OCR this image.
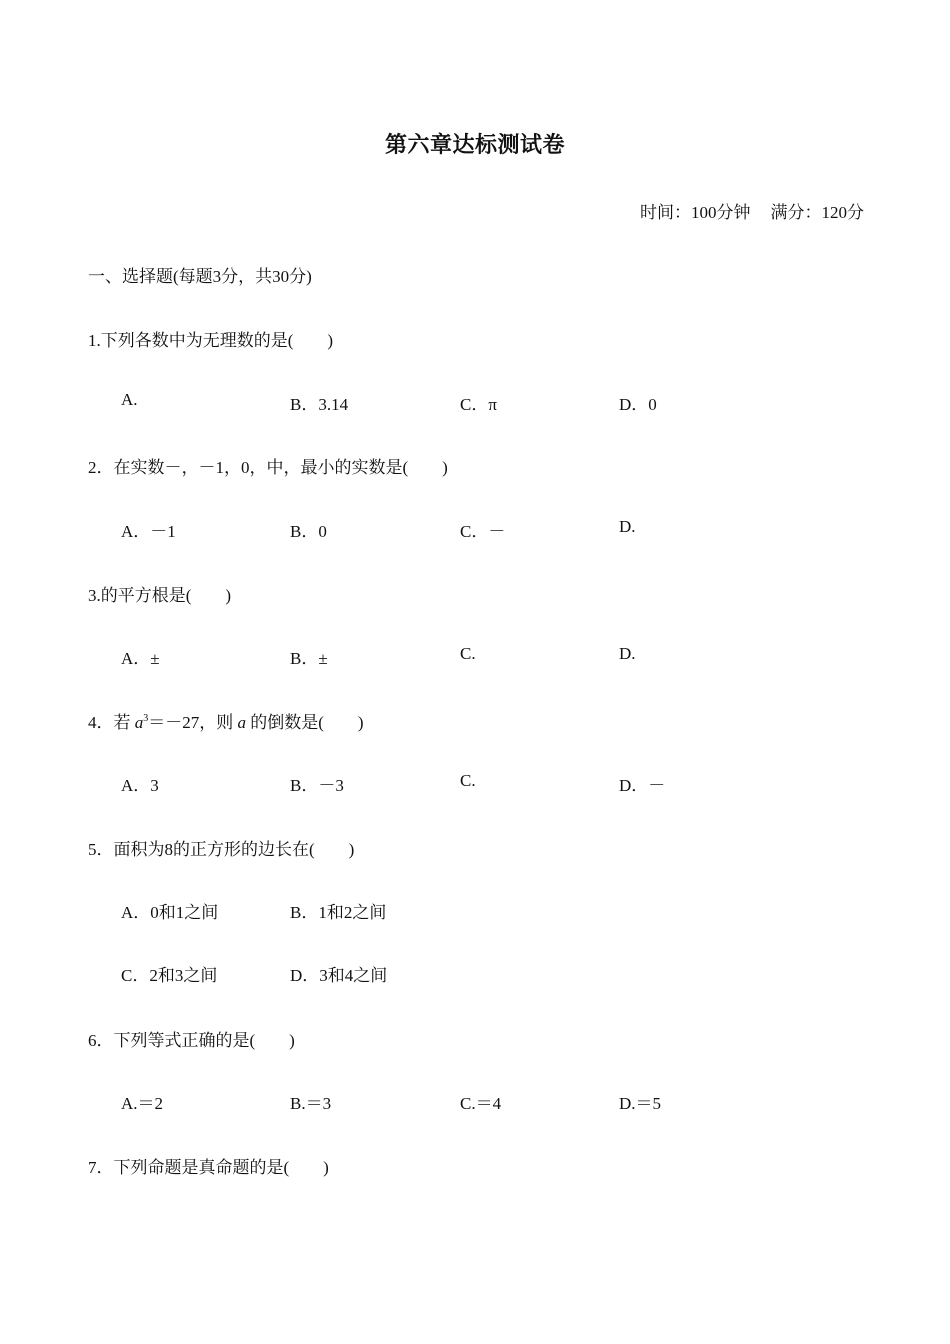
第六章达标测试卷
时间：100分钟 满分：120分
一、选择题(每题3分，共30分)
1.下列各数中为无理数的是(　　)
A.	B．3.14	C．π	D．0
2．在实数－，－1，0，中，最小的实数是(　　)
A．－1	B．0	C．－	D.
3.的平方根是(　　)
A．±	B．±	C.	D.
4．若 $a^3=-27$，则 a 的倒数是(　　)
A．3	B．－3	C.	D．－
5．面积为8的正方形的边长在(　　)
A．0和1之间	B．1和2之间
C．2和3之间	D．3和4之间
6．下列等式正确的是(　　)
A.＝2	B.＝3	C.＝4	D.＝5
7．下列命题是真命题的是(　　)
